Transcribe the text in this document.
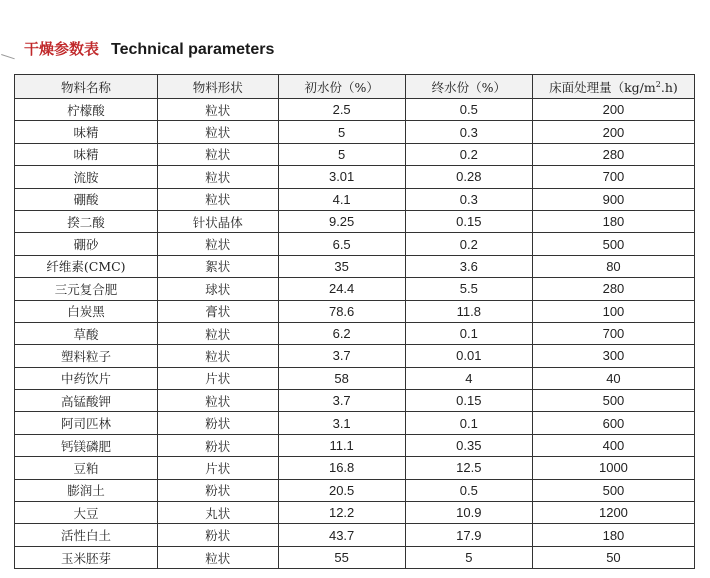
干燥参数表 Technical parameters
物料名称	物料形状	初水份（%）	终水份（%）	床面处理量$(kg/m^2.h)$
柠檬酸	粒状	2.5	0.5	200
味精	粒状	5	0.3	200
味精	粒状	5	0.2	280
流胺	粒状	3.01	0.28	700
硼酸	粒状	4.1	0.3	900
揆二酸	针状晶体	9.25	0.15	180
硼砂	粒状	6.5	0.2	500
纤维素(CMC)	絮状	35	3.6	80
三元复合肥	球状	24.4	5.5	280
白炭黑	膏状	78.6	11.8	100
草酸	粒状	6.2	0.1	700
塑料粒子	粒状	3.7	0.01	300
中药饮片	片状	58	4	40
高锰酸钾	粒状	3.7	0.15	500
阿司匹林	粉状	3.1	0.1	600
钙镁磷肥	粉状	11.1	0.35	400
豆粕	片状	16.8	12.5	1000
膨润土	粉状	20.5	0.5	500
大豆	丸状	12.2	10.9	1200
活性白土	粉状	43.7	17.9	180
玉米胚芽	粒状	55	5	50
